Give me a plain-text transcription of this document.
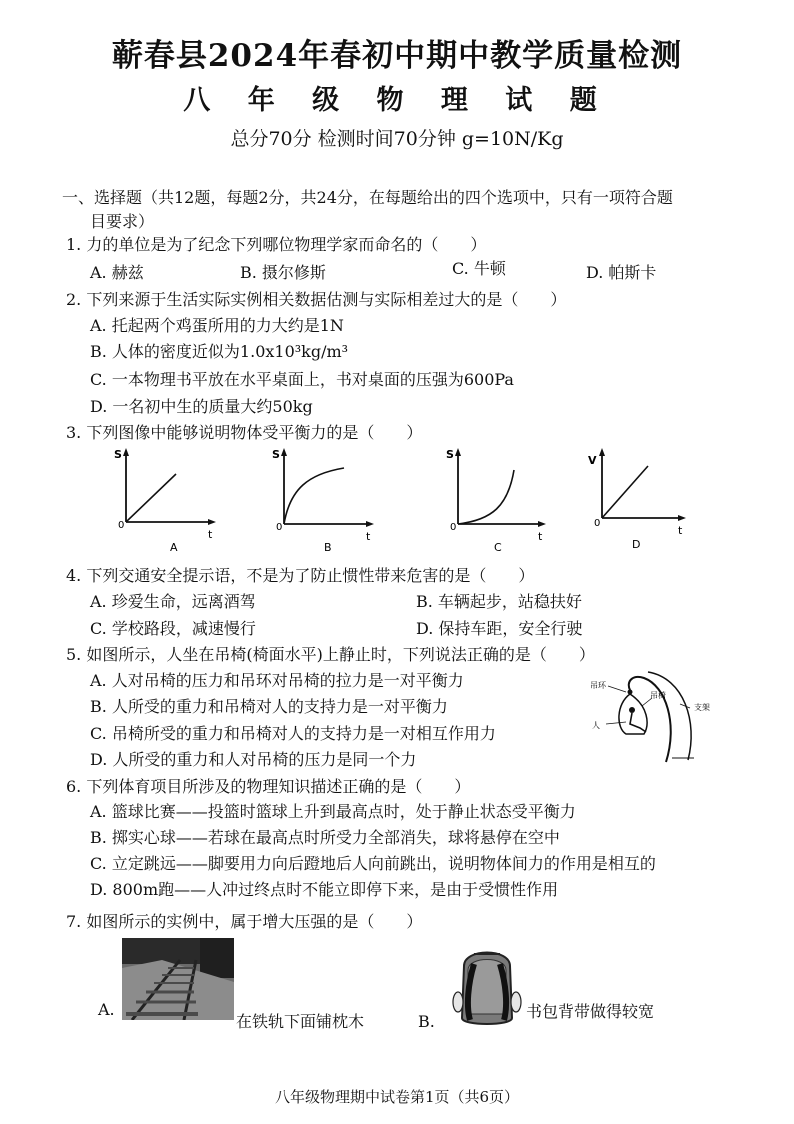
蕲春县2024年春初中期中教学质量检测
八 年 级 物 理 试 题
总分70分 检测时间70分钟 g=10N/Kg
一、选择题（共12题，每题2分，共24分，在每题给出的四个选项中，只有一项符合题
目要求）
1. 力的单位是为了纪念下列哪位物理学家而命名的（　　）
A. 赫兹	B. 摄尔修斯	C. 牛顿	D. 帕斯卡
2. 下列来源于生活实际实例相关数据估测与实际相差过大的是（　　）
A. 托起两个鸡蛋所用的力大约是1N
B. 人体的密度近似为1.0x10³kg/m³
C. 一本物理书平放在水平桌面上，书对桌面的压强为600Pa
D. 一名初中生的质量大约50kg
3. 下列图像中能够说明物体受平衡力的是（　　）
S
0
t
A
S
0
t
B
S
0
t
C
V
0
t
D
4. 下列交通安全提示语，不是为了防止惯性带来危害的是（　　）
A. 珍爱生命，远离酒驾	B. 车辆起步，站稳扶好
C. 学校路段，减速慢行	D. 保持车距，安全行驶
5. 如图所示，人坐在吊椅(椅面水平)上静止时，下列说法正确的是（　　）
A. 人对吊椅的压力和吊环对吊椅的拉力是一对平衡力
B. 人所受的重力和吊椅对人的支持力是一对平衡力
C. 吊椅所受的重力和吊椅对人的支持力是一对相互作用力
D. 人所受的重力和人对吊椅的压力是同一个力
吊环
吊椅
支架
人
6. 下列体育项目所涉及的物理知识描述正确的是（　　）
A. 篮球比赛——投篮时篮球上升到最高点时，处于静止状态受平衡力
B. 掷实心球——若球在最高点时所受力全部消失，球将悬停在空中
C. 立定跳远——脚要用力向后蹬地后人向前跳出，说明物体间力的作用是相互的
D. 800m跑——人冲过终点时不能立即停下来，是由于受惯性作用
7. 如图所示的实例中，属于增大压强的是（　　）
A.
在铁轨下面铺枕木	B.
书包背带做得较宽
八年级物理期中试卷第1页（共6页）
